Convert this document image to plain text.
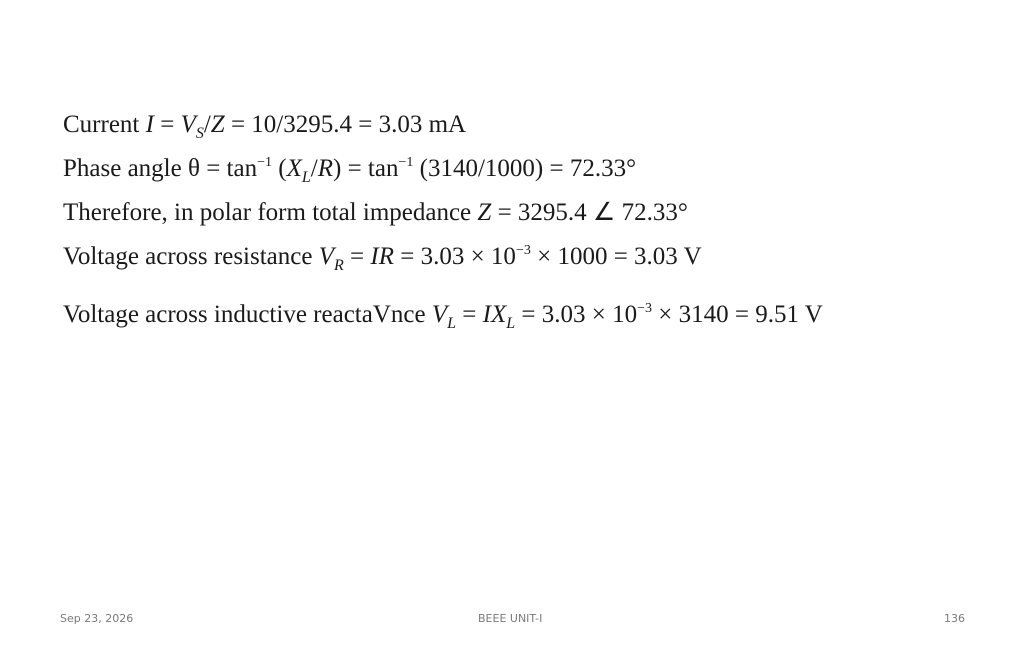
Current $I = V_S/Z = 10/3295.4 = 3.03$ mA
Phase angle $\theta = \tan^{-1} (X_L/R) = \tan^{-1} (3140/1000) = 72.33^\circ$
Therefore, in polar form total impedance Z = 3295.4 ∠ 72.33°
Voltage across resistance $V_R$ = IR = $3.03 \times 10^{-3} \times 1000 = 3.03$ V
Voltage across inductive reactaVnce $V_L = IX_L = 3.03 \times 10^{-3} \times 3140 = 9.51$ V
Sep 23, 2026	BEEE UNIT-I	136
